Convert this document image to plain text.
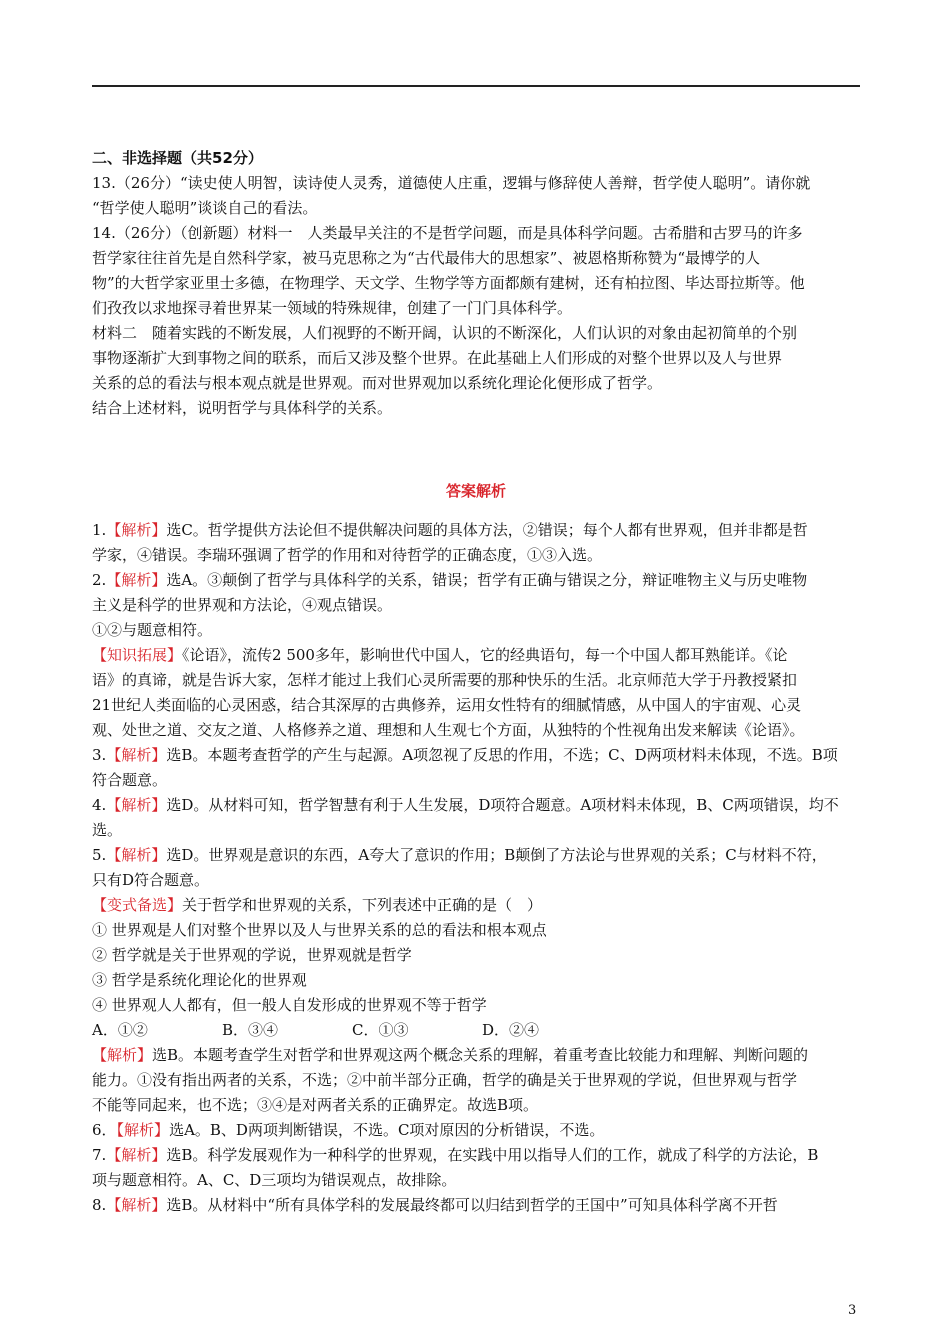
二、非选择题（共52分）

13.（26分）“读史使人明智，读诗使人灵秀，道德使人庄重，逻辑与修辞使人善辩，哲学使人聪明”。请你就

“哲学使人聪明”谈谈自己的看法。

14.（26分）（创新题）材料一　人类最早关注的不是哲学问题，而是具体科学问题。古希腊和古罗马的许多

哲学家往往首先是自然科学家，被马克思称之为“古代最伟大的思想家”、被恩格斯称赞为“最博学的人

物”的大哲学家亚里士多德，在物理学、天文学、生物学等方面都颇有建树，还有柏拉图、毕达哥拉斯等。他

们孜孜以求地探寻着世界某一领域的特殊规律，创建了一门门具体科学。

材料二　随着实践的不断发展，人们视野的不断开阔，认识的不断深化，人们认识的对象由起初简单的个别

事物逐渐扩大到事物之间的联系，而后又涉及整个世界。在此基础上人们形成的对整个世界以及人与世界

关系的总的看法与根本观点就是世界观。而对世界观加以系统化理论化便形成了哲学。

结合上述材料，说明哲学与具体科学的关系。

答案解析

1.【解析】选C。哲学提供方法论但不提供解决问题的具体方法，②错误；每个人都有世界观，但并非都是哲

学家，④错误。李瑞环强调了哲学的作用和对待哲学的正确态度，①③入选。

2.【解析】选A。③颠倒了哲学与具体科学的关系，错误；哲学有正确与错误之分，辩证唯物主义与历史唯物

主义是科学的世界观和方法论，④观点错误。

①②与题意相符。

【知识拓展】《论语》，流传2 500多年，影响世代中国人，它的经典语句，每一个中国人都耳熟能详。《论

语》的真谛，就是告诉大家，怎样才能过上我们心灵所需要的那种快乐的生活。北京师范大学于丹教授紧扣

21世纪人类面临的心灵困惑，结合其深厚的古典修养，运用女性特有的细腻情感，从中国人的宇宙观、心灵

观、处世之道、交友之道、人格修养之道、理想和人生观七个方面，从独特的个性视角出发来解读《论语》。

3.【解析】选B。本题考查哲学的产生与起源。A项忽视了反思的作用，不选；C、D两项材料未体现，不选。B项

符合题意。

4.【解析】选D。从材料可知，哲学智慧有利于人生发展，D项符合题意。A项材料未体现，B、C两项错误，均不

选。

5.【解析】选D。世界观是意识的东西，A夸大了意识的作用；B颠倒了方法论与世界观的关系；C与材料不符，

只有D符合题意。

【变式备选】关于哲学和世界观的关系，下列表述中正确的是（　）

① 世界观是人们对整个世界以及人与世界关系的总的看法和根本观点

② 哲学就是关于世界观的学说，世界观就是哲学

③ 哲学是系统化理论化的世界观

④ 世界观人人都有，但一般人自发形成的世界观不等于哲学

A．①②	B．③④	C．①③	D．②④

【解析】选B。本题考查学生对哲学和世界观这两个概念关系的理解，着重考查比较能力和理解、判断问题的

能力。①没有指出两者的关系，不选；②中前半部分正确，哲学的确是关于世界观的学说，但世界观与哲学

不能等同起来，也不选；③④是对两者关系的正确界定。故选B项。

6．【解析】选A。B、D两项判断错误，不选。C项对原因的分析错误，不选。

7.【解析】选B。科学发展观作为一种科学的世界观，在实践中用以指导人们的工作，就成了科学的方法论，B

项与题意相符。A、C、D三项均为错误观点，故排除。

8.【解析】选B。从材料中“所有具体学科的发展最终都可以归结到哲学的王国中”可知具体科学离不开哲

3
